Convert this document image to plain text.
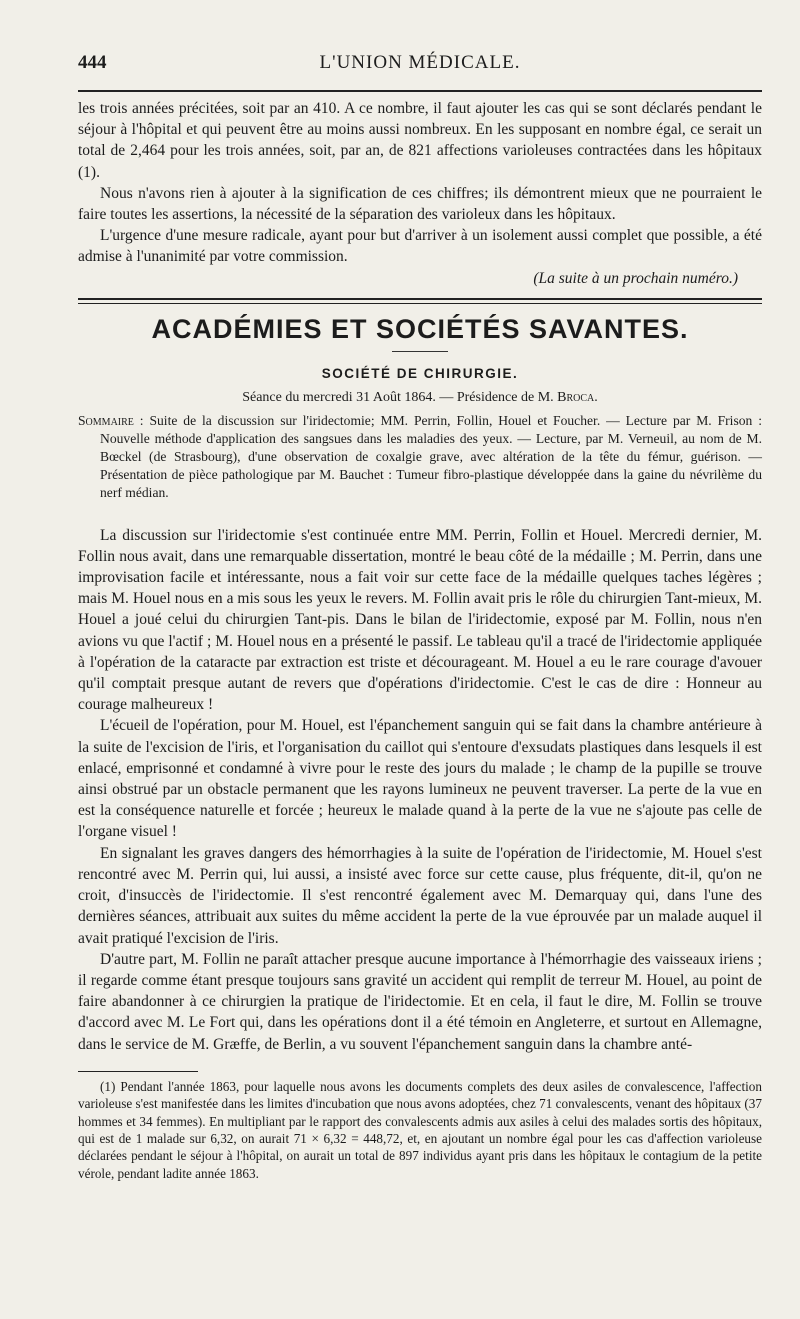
444	L'UNION MÉDICALE.

les trois années précitées, soit par an 410. A ce nombre, il faut ajouter les cas qui se sont déclarés pendant le séjour à l'hôpital et qui peuvent être au moins aussi nombreux. En les supposant en nombre égal, ce serait un total de 2,464 pour les trois années, soit, par an, de 821 affections varioleuses contractées dans les hôpitaux (1).

Nous n'avons rien à ajouter à la signification de ces chiffres; ils démontrent mieux que ne pourraient le faire toutes les assertions, la nécessité de la séparation des varioleux dans les hôpitaux.

L'urgence d'une mesure radicale, ayant pour but d'arriver à un isolement aussi complet que possible, a été admise à l'unanimité par votre commission.

(La suite à un prochain numéro.)

ACADÉMIES ET SOCIÉTÉS SAVANTES.
SOCIÉTÉ DE CHIRURGIE.
Séance du mercredi 31 Août 1864. — Présidence de M. Broca.

Sommaire : Suite de la discussion sur l'iridectomie; MM. Perrin, Follin, Houel et Foucher. — Lecture par M. Frison : Nouvelle méthode d'application des sangsues dans les maladies des yeux. — Lecture, par M. Verneuil, au nom de M. Bœckel (de Strasbourg), d'une observation de coxalgie grave, avec altération de la tête du fémur, guérison. — Présentation de pièce pathologique par M. Bauchet : Tumeur fibro-plastique développée dans la gaine du névrilème du nerf médian.

La discussion sur l'iridectomie s'est continuée entre MM. Perrin, Follin et Houel. Mercredi dernier, M. Follin nous avait, dans une remarquable dissertation, montré le beau côté de la médaille ; M. Perrin, dans une improvisation facile et intéressante, nous a fait voir sur cette face de la médaille quelques taches légères ; mais M. Houel nous en a mis sous les yeux le revers. M. Follin avait pris le rôle du chirurgien Tant-mieux, M. Houel a joué celui du chirurgien Tant-pis. Dans le bilan de l'iridectomie, exposé par M. Follin, nous n'en avions vu que l'actif ; M. Houel nous en a présenté le passif. Le tableau qu'il a tracé de l'iridectomie appliquée à l'opération de la cataracte par extraction est triste et décourageant. M. Houel a eu le rare courage d'avouer qu'il comptait presque autant de revers que d'opérations d'iridectomie. C'est le cas de dire : Honneur au courage malheureux !

L'écueil de l'opération, pour M. Houel, est l'épanchement sanguin qui se fait dans la chambre antérieure à la suite de l'excision de l'iris, et l'organisation du caillot qui s'entoure d'exsudats plastiques dans lesquels il est enlacé, emprisonné et condamné à vivre pour le reste des jours du malade ; le champ de la pupille se trouve ainsi obstrué par un obstacle permanent que les rayons lumineux ne peuvent traverser. La perte de la vue en est la conséquence naturelle et forcée ; heureux le malade quand à la perte de la vue ne s'ajoute pas celle de l'organe visuel !

En signalant les graves dangers des hémorrhagies à la suite de l'opération de l'iridectomie, M. Houel s'est rencontré avec M. Perrin qui, lui aussi, a insisté avec force sur cette cause, plus fréquente, dit-il, qu'on ne croit, d'insuccès de l'iridectomie. Il s'est rencontré également avec M. Demarquay qui, dans l'une des dernières séances, attribuait aux suites du même accident la perte de la vue éprouvée par un malade auquel il avait pratiqué l'excision de l'iris.

D'autre part, M. Follin ne paraît attacher presque aucune importance à l'hémorrhagie des vaisseaux iriens ; il regarde comme étant presque toujours sans gravité un accident qui remplit de terreur M. Houel, au point de faire abandonner à ce chirurgien la pratique de l'iridectomie. Et en cela, il faut le dire, M. Follin se trouve d'accord avec M. Le Fort qui, dans les opérations dont il a été témoin en Angleterre, et surtout en Allemagne, dans le service de M. Græffe, de Berlin, a vu souvent l'épanchement sanguin dans la chambre anté-

(1) Pendant l'année 1863, pour laquelle nous avons les documents complets des deux asiles de convalescence, l'affection varioleuse s'est manifestée dans les limites d'incubation que nous avons adoptées, chez 71 convalescents, venant des hôpitaux (37 hommes et 34 femmes). En multipliant par le rapport des convalescents admis aux asiles à celui des malades sortis des hôpitaux, qui est de 1 malade sur 6,32, on aurait 71 × 6,32 = 448,72, et, en ajoutant un nombre égal pour les cas d'affection varioleuse déclarées pendant le séjour à l'hôpital, on aurait un total de 897 individus ayant pris dans les hôpitaux le contagium de la petite vérole, pendant ladite année 1863.
